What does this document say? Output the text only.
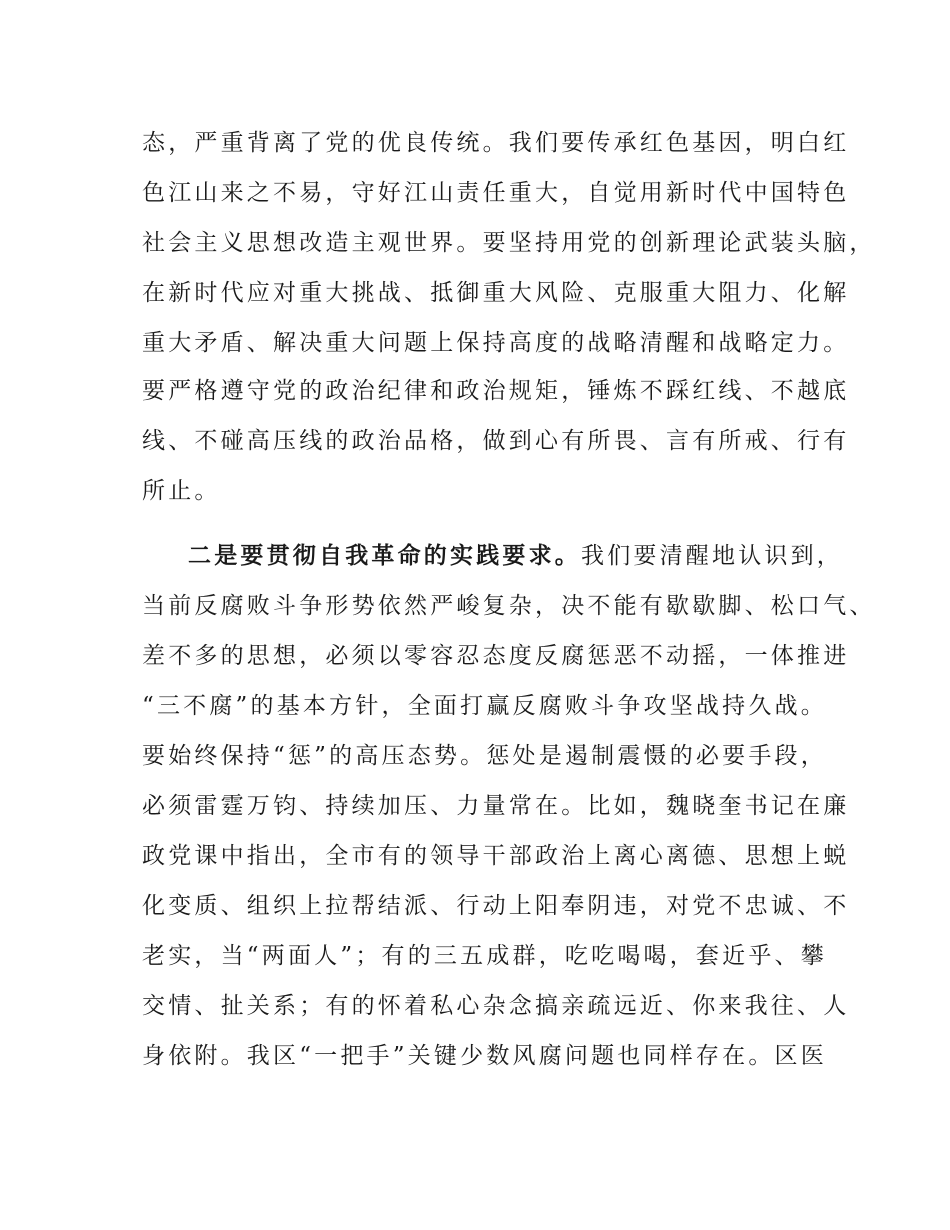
态，严重背离了党的优良传统。我们要传承红色基因，明白红
色江山来之不易，守好江山责任重大，自觉用新时代中国特色
社会主义思想改造主观世界。要坚持用党的创新理论武装头脑，
在新时代应对重大挑战、抵御重大风险、克服重大阻力、化解
重大矛盾、解决重大问题上保持高度的战略清醒和战略定力。
要严格遵守党的政治纪律和政治规矩，锤炼不踩红线、不越底
线、不碰高压线的政治品格，做到心有所畏、言有所戒、行有
所止。
二是要贯彻自我革命的实践要求。我们要清醒地认识到，
当前反腐败斗争形势依然严峻复杂，决不能有歇歇脚、松口气、
差不多的思想，必须以零容忍态度反腐惩恶不动摇，一体推进
“三不腐”的基本方针，全面打赢反腐败斗争攻坚战持久战。
要始终保持“惩”的高压态势。惩处是遏制震慑的必要手段，
必须雷霆万钧、持续加压、力量常在。比如，魏晓奎书记在廉
政党课中指出，全市有的领导干部政治上离心离德、思想上蜕
化变质、组织上拉帮结派、行动上阳奉阴违，对党不忠诚、不
老实，当“两面人”；有的三五成群，吃吃喝喝，套近乎、攀
交情、扯关系；有的怀着私心杂念搞亲疏远近、你来我往、人
身依附。我区“一把手”关键少数风腐问题也同样存在。区医
